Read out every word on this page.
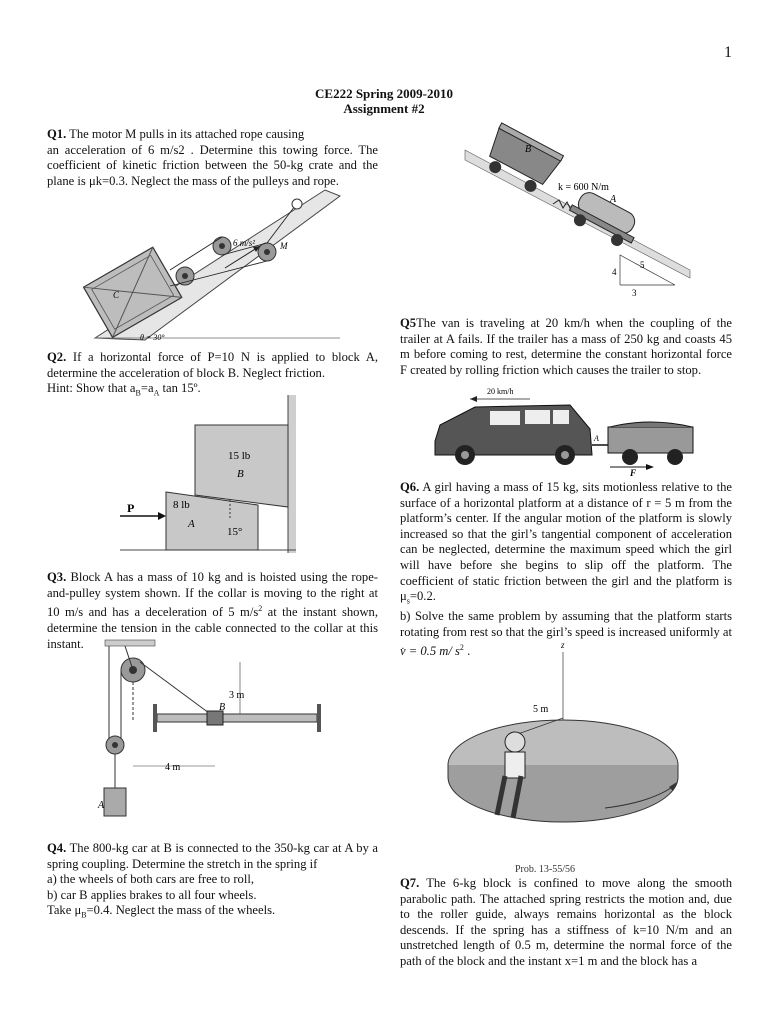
1
CE222 Spring 2009-2010
Assignment #2
Q1. The motor M pulls in its attached rope causing
an acceleration of 6 m/s2 . Determine this towing force. The coefficient of kinetic friction between the 50-kg crate and the plane is μk=0.3. Neglect the mass of the pulleys and rope.
C
6 m/s²	M
θ = 30°
Q2. If a horizontal force of P=10 N is applied to block A, determine the acceleration of block B. Neglect friction.
Hint: Show that $a_B=a_A$ tan 15º.
15 lb
B
8 lb
A
15°
P
Q3. Block A has a mass of 10 kg and is hoisted using the rope-and-pulley system shown. If the collar is moving to the right at 10 m/s and has a deceleration of 5 $m/s^2$ at the instant shown, determine the tension in the cable connected to the collar at this instant.
A
B
3 m
4 m
Q4. The 800-kg car at B is connected to the 350-kg car at A by a spring coupling. Determine the stretch in the spring if
a) the wheels of both cars are free to roll,
b) car B applies brakes to all four wheels.
Take $\mu_B=0.4$. Neglect the mass of the wheels.
B
k = 600 N/m
A
4
5
3
Q5The van is traveling at 20 km/h when the coupling of the trailer at A fails. If the trailer has a mass of 250 kg and coasts 45 m before coming to rest, determine the constant horizontal force F created by rolling friction which causes the trailer to stop.
20 km/h
A
F
Q6. A girl having a mass of 15 kg, sits motionless relative to the surface of a horizontal platform at a distance of r = 5 m from the platform’s center. If the angular motion of the platform is slowly increased so that the girl’s tangential component of acceleration can be neglected, determine the maximum speed which the girl will have before she begins to slip off the platform. The coefficient of static friction between the girl and the platform is $\mu_s=0.2$.
b) Solve the same problem by assuming that the platform starts rotating from rest so that the girl’s speed is increased uniformly at v̇ = 0.5 m/ $s^2$ .	z
5 m
Prob. 13-55/56
Q7. The 6-kg block is confined to move along the smooth parabolic path. The attached spring restricts the motion and, due to the roller guide, always remains horizontal as the block descends. If the spring has a stiffness of k=10 N/m and an unstretched length of 0.5 m, determine the normal force of the path of the block and the instant x=1 m and the block has a
